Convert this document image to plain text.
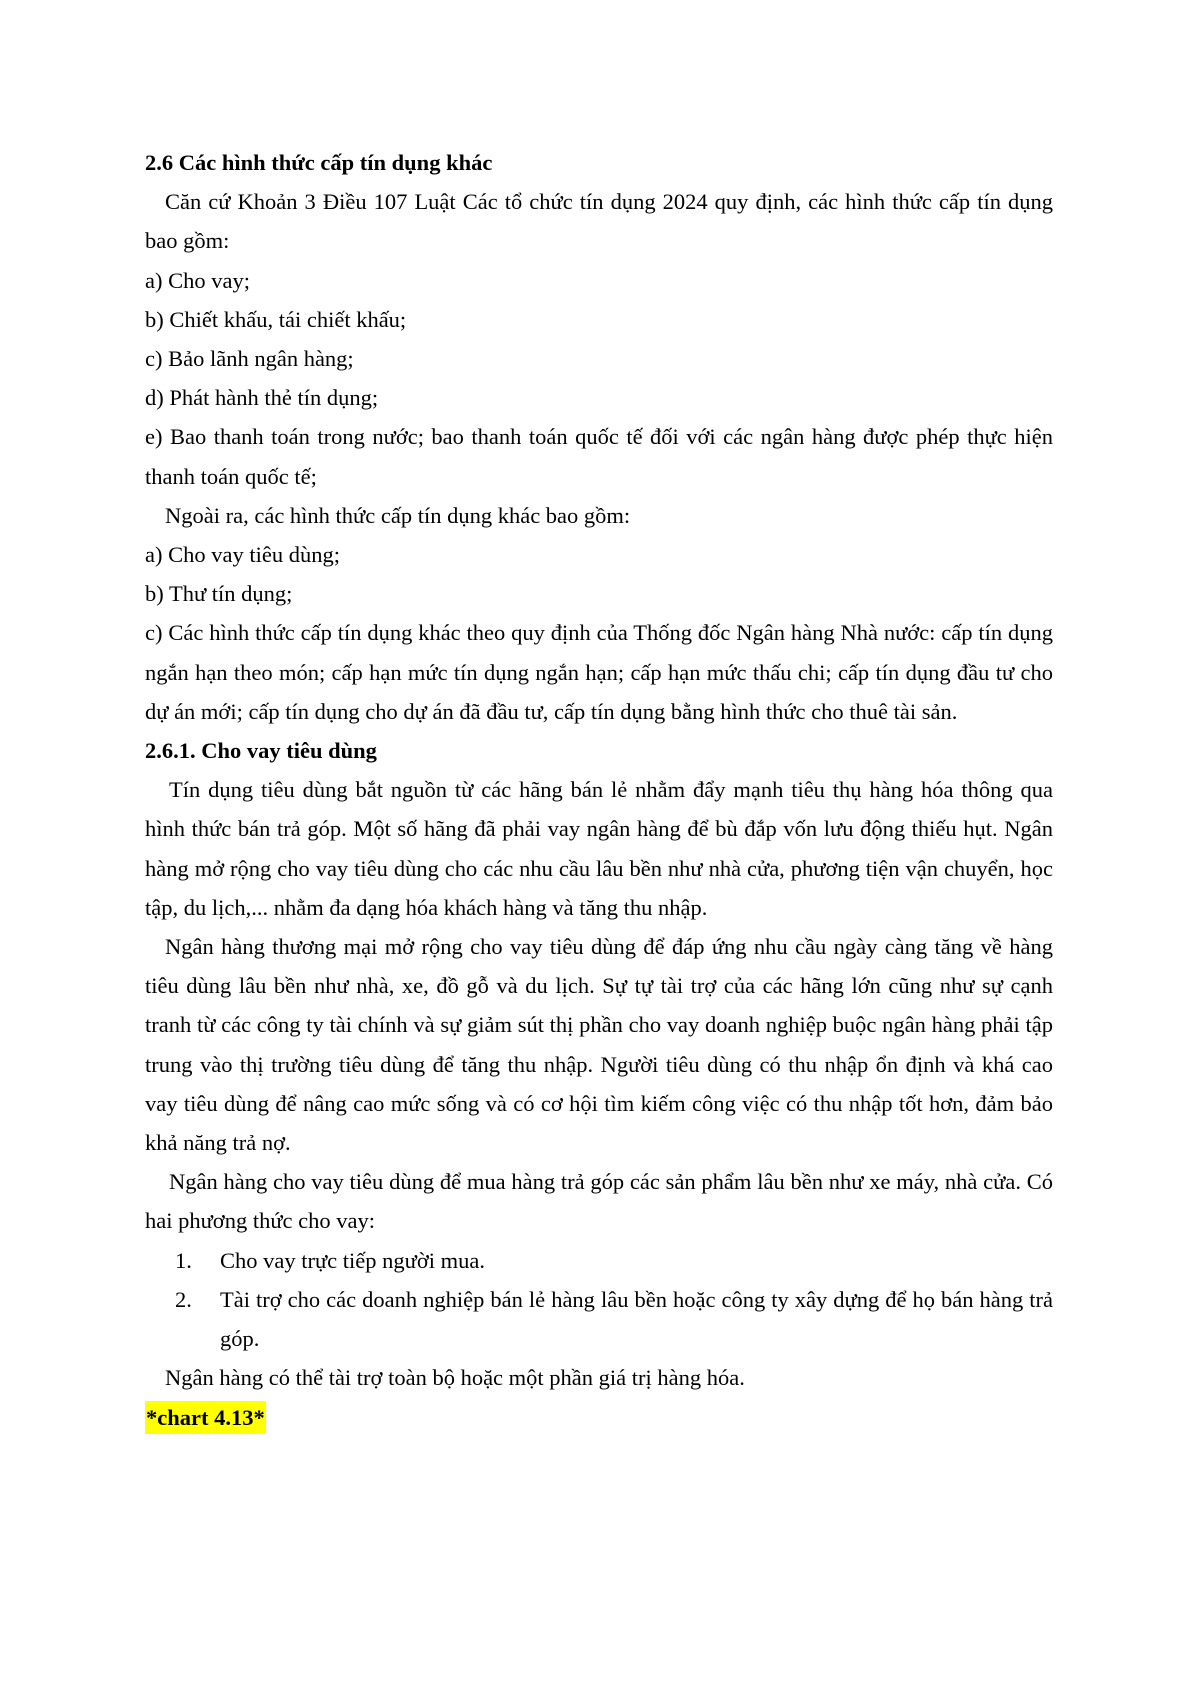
2.6 Các hình thức cấp tín dụng khác

Căn cứ Khoản 3 Điều 107 Luật Các tổ chức tín dụng 2024 quy định, các hình thức cấp tín dụng bao gồm:

a) Cho vay;

b) Chiết khấu, tái chiết khấu;

c) Bảo lãnh ngân hàng;

d) Phát hành thẻ tín dụng;

e) Bao thanh toán trong nước; bao thanh toán quốc tế đối với các ngân hàng được phép thực hiện thanh toán quốc tế;

Ngoài ra, các hình thức cấp tín dụng khác bao gồm:

a) Cho vay tiêu dùng;

b) Thư tín dụng;

c) Các hình thức cấp tín dụng khác theo quy định của Thống đốc Ngân hàng Nhà nước: cấp tín dụng ngắn hạn theo món; cấp hạn mức tín dụng ngắn hạn; cấp hạn mức thấu chi; cấp tín dụng đầu tư cho dự án mới; cấp tín dụng cho dự án đã đầu tư, cấp tín dụng bằng hình thức cho thuê tài sản.

2.6.1. Cho vay tiêu dùng

Tín dụng tiêu dùng bắt nguồn từ các hãng bán lẻ nhằm đẩy mạnh tiêu thụ hàng hóa thông qua hình thức bán trả góp. Một số hãng đã phải vay ngân hàng để bù đắp vốn lưu động thiếu hụt. Ngân hàng mở rộng cho vay tiêu dùng cho các nhu cầu lâu bền như nhà cửa, phương tiện vận chuyển, học tập, du lịch,... nhằm đa dạng hóa khách hàng và tăng thu nhập.

Ngân hàng thương mại mở rộng cho vay tiêu dùng để đáp ứng nhu cầu ngày càng tăng về hàng tiêu dùng lâu bền như nhà, xe, đồ gỗ và du lịch. Sự tự tài trợ của các hãng lớn cũng như sự cạnh tranh từ các công ty tài chính và sự giảm sút thị phần cho vay doanh nghiệp buộc ngân hàng phải tập trung vào thị trường tiêu dùng để tăng thu nhập. Người tiêu dùng có thu nhập ổn định và khá cao vay tiêu dùng để nâng cao mức sống và có cơ hội tìm kiếm công việc có thu nhập tốt hơn, đảm bảo khả năng trả nợ.

Ngân hàng cho vay tiêu dùng để mua hàng trả góp các sản phẩm lâu bền như xe máy, nhà cửa. Có hai phương thức cho vay:

1. Cho vay trực tiếp người mua.
2. Tài trợ cho các doanh nghiệp bán lẻ hàng lâu bền hoặc công ty xây dựng để họ bán hàng trả góp.

Ngân hàng có thể tài trợ toàn bộ hoặc một phần giá trị hàng hóa.

*chart 4.13*
